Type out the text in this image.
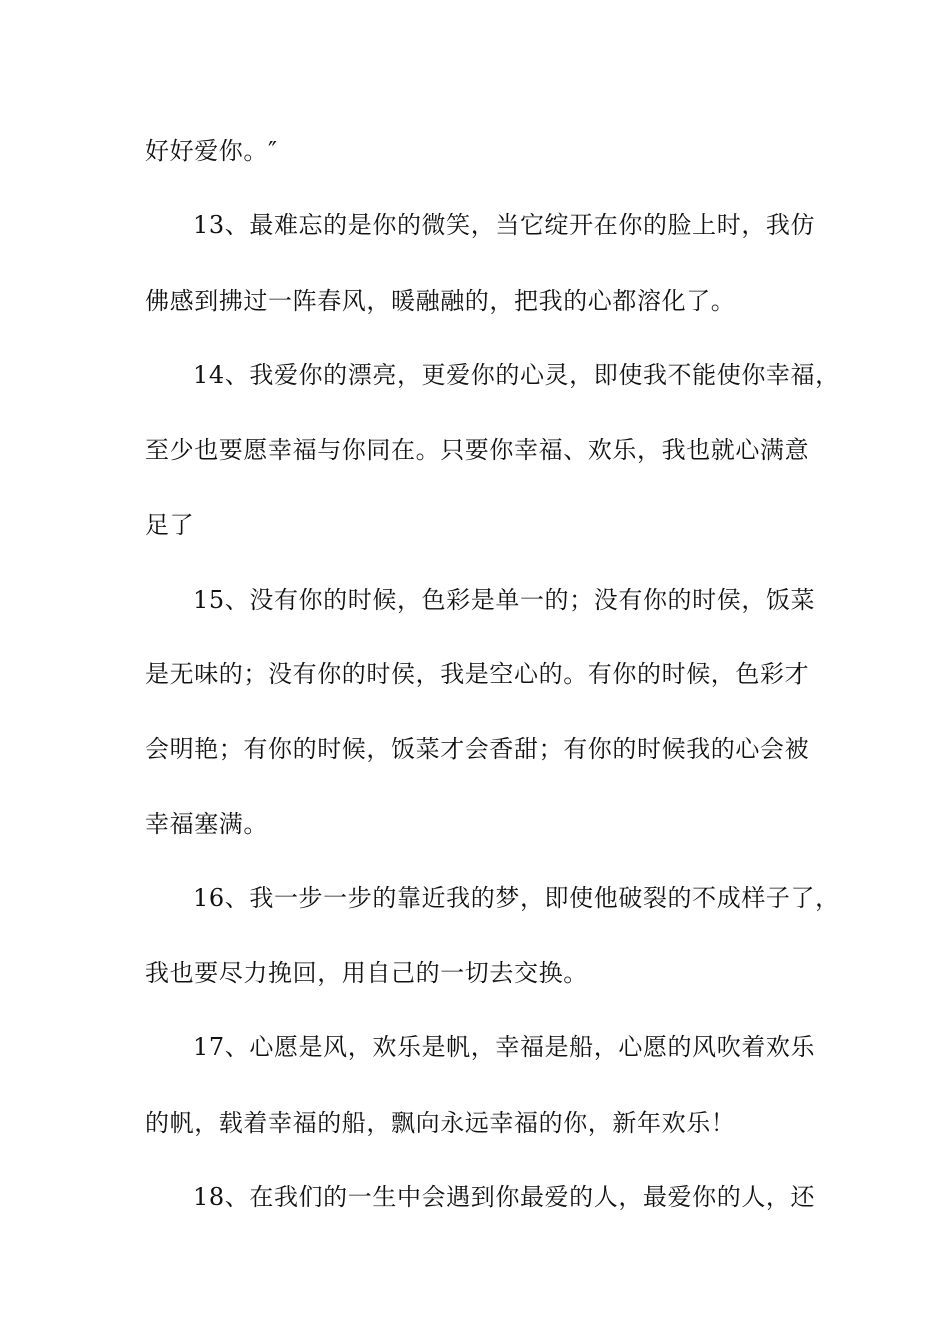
好好爱你。″

13、最难忘的是你的微笑，当它绽开在你的脸上时，我仿

佛感到拂过一阵春风，暖融融的，把我的心都溶化了。

14、我爱你的漂亮，更爱你的心灵，即使我不能使你幸福，

至少也要愿幸福与你同在。只要你幸福、欢乐，我也就心满意

足了

15、没有你的时候，色彩是单一的；没有你的时侯，饭菜

是无味的；没有你的时侯，我是空心的。有你的时候，色彩才

会明艳；有你的时候，饭菜才会香甜；有你的时候我的心会被

幸福塞满。

16、我一步一步的靠近我的梦，即使他破裂的不成样子了，

我也要尽力挽回，用自己的一切去交换。

17、心愿是风，欢乐是帆，幸福是船，心愿的风吹着欢乐

的帆，载着幸福的船，飘向永远幸福的你，新年欢乐！

18、在我们的一生中会遇到你最爱的人，最爱你的人，还
